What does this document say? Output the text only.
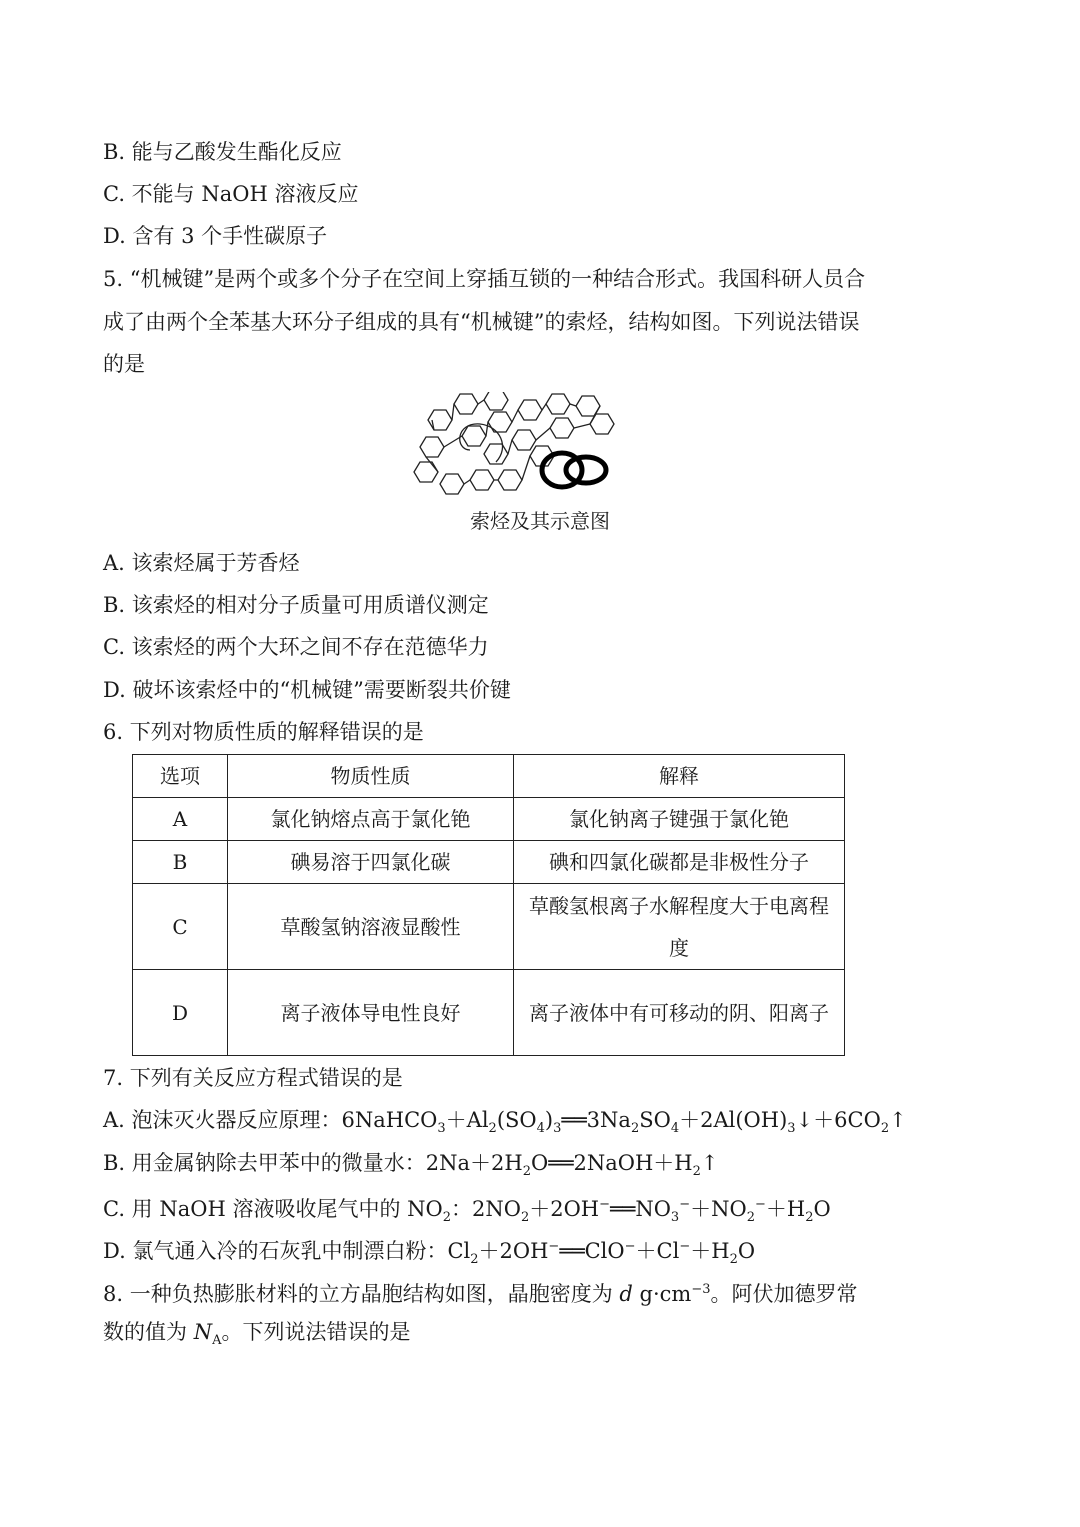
B. 能与乙酸发生酯化反应
C. 不能与 NaOH 溶液反应
D. 含有 3 个手性碳原子
5. “机械键”是两个或多个分子在空间上穿插互锁的一种结合形式。我国科研人员合
成了由两个全苯基大环分子组成的具有“机械键”的索烃，结构如图。下列说法错误
的是
索烃及其示意图
A. 该索烃属于芳香烃
B. 该索烃的相对分子质量可用质谱仪测定
C. 该索烃的两个大环之间不存在范德华力
D. 破坏该索烃中的“机械键”需要断裂共价键
6. 下列对物质性质的解释错误的是
选项	物质性质	解释
A	氯化钠熔点高于氯化铯	氯化钠离子键强于氯化铯
B	碘易溶于四氯化碳	碘和四氯化碳都是非极性分子
C	草酸氢钠溶液显酸性	草酸氢根离子水解程度大于电离程度
D	离子液体导电性良好	离子液体中有可移动的阴、阳离子
7. 下列有关反应方程式错误的是
A. 泡沫灭火器反应原理：$6NaHCO_3+Al_2(SO_4)_3══3Na_2SO_4+2Al(OH)_3↓+6CO_2↑$
B. 用金属钠除去甲苯中的微量水：$2Na+2H_2O══2NaOH+H_2↑$
C. 用 NaOH 溶液吸收尾气中的 $NO_2$：$2NO_2+2OH^-══NO_3^-+NO_2^-+H_2O$
D. 氯气通入冷的石灰乳中制漂白粉：$Cl_2+2OH^-══ClO^-+Cl^-+H_2O$
8. 一种负热膨胀材料的立方晶胞结构如图，晶胞密度为 d $g\cdot cm^{-3}$。阿伏加德罗常
数的值为 $N_A$。下列说法错误的是
